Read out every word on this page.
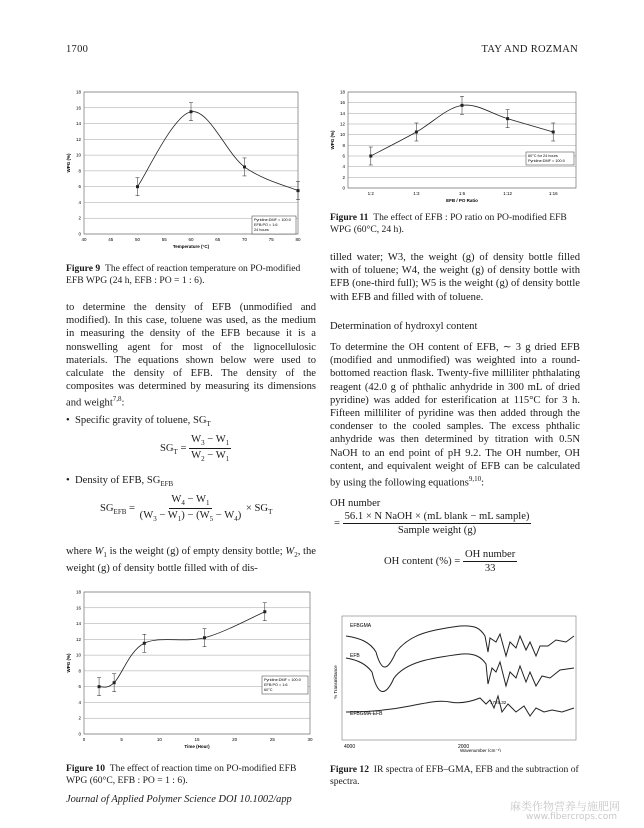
1700	TAY AND ROZMAN
0
2
4
6
8
10
12
14
16
18
40	45	50	55	60	65	70	75	80
Temperature (°C)
WPG (%)
Pyridine:DMF = 100:0
EFB:PO = 1:6
24 hours
Figure 9 The effect of reaction temperature on PO-modified EFB WPG (24 h, EFB : PO = 1 : 6).
to determine the density of EFB (unmodified and modified). In this case, toluene was used, as the medium in measuring the density of the EFB because it is a nonswelling agent for most of the lignocellulosic materials. The equations shown below were used to calculate the density of EFB. The density of the composites was determined by measuring its dimensions and weight$^{7,8}$:
•  Specific gravity of toluene, $SG_T$
$SG_T = \frac{W_3 - W_1}{W_2 - W_1}$
•  Density of EFB, $SG_{EFB}$
$SG_{EFB} = \frac{W_4 - W_1}{(W_3 - W_1) - (W_5 - W_4)} \times SG_T$
where $W_1$ is the weight (g) of empty density bottle; $W_2$, the weight (g) of density bottle filled with of dis-
0
2
4
6
8
10
12
14
16
18
0	5	10	15	20	25	30
Time (Hour)
WPG (%)
Pyridine:DMF = 100:0
EFB:PO = 1:6
60°C
Figure 10 The effect of reaction time on PO-modified EFB WPG (60°C, EFB : PO = 1 : 6).
0
2
4
6
8
10
12
14
16
18
1:2	1:3	1:6	1:12	1:16
EFB / PO Ratio
WPG (%)
60°C for 24 hours
Pyridine:DMF = 100:0
Figure 11 The effect of EFB : PO ratio on PO-modified EFB WPG (60°C, 24 h).
tilled water; W3, the weight (g) of density bottle filled with of toluene; W4, the weight (g) of density bottle with EFB (one-third full); W5 is the weight (g) of density bottle with EFB and filled with of toluene.
Determination of hydroxyl content
To determine the OH content of EFB, ∼ 3 g dried EFB (modified and unmodified) was weighted into a round-bottomed reaction flask. Twenty-five milliliter phthalating reagent (42.0 g of phthalic anhydride in 300 mL of dried pyridine) was added for esterification at 115°C for 3 h. Fifteen milliliter of pyridine was then added through the condenser to the cooled samples. The excess phthalic anhydride was then determined by titration with 0.5N NaOH to an end point of pH 9.2. The OH number, OH content, and equivalent weight of EFB can be calculated by using the following equations$^{9,10}$:
OH number
= $\frac{\text{56.1 × N NaOH × (mL blank − mL sample)}}{\text{Sample weight (g)}}$
OH content (%) = $\frac{\text{OH number}}{33}$
% Transmittance
4000	2000
Wavenumber (cm⁻¹)
EFBGMA
EFB
EFBGMA-EFB
1729.32
Figure 12 IR spectra of EFB–GMA, EFB and the subtraction of spectra.
Journal of Applied Polymer Science DOI 10.1002/app
麻类作物营养与施肥网
www.fibercrops.com
